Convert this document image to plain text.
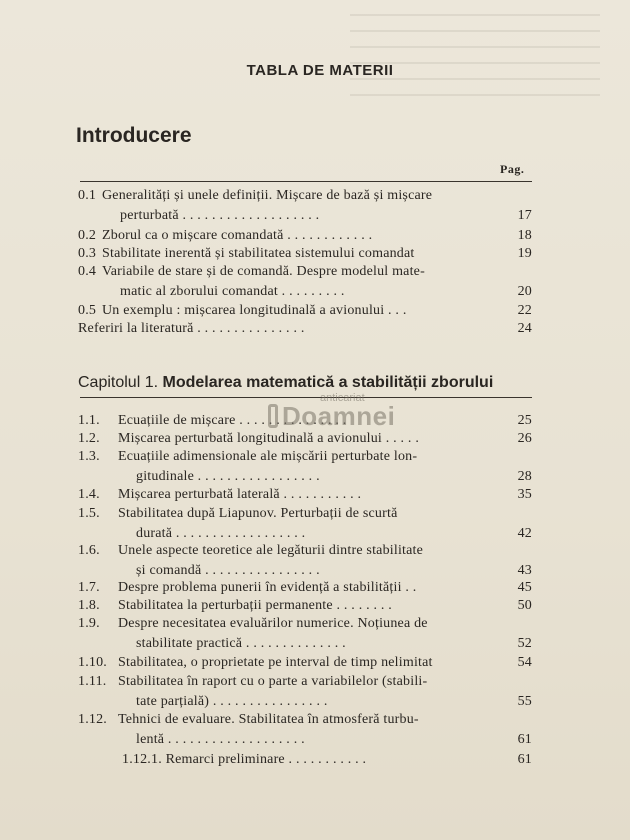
TABLA DE MATERII
Introducere
Pag.
0.1 Generalități și unele definiții. Mișcare de bază și mișcare
perturbată . . . . . . . . . . . . . . . . . . .	17
0.2 Zborul ca o mișcare comandată . . . . . . . . . . . .	18
0.3 Stabilitate inerentă și stabilitatea sistemului comandat	19
0.4 Variabile de stare și de comandă. Despre modelul mate-
matic al zborului comandat . . . . . . . . .	20
0.5 Un exemplu : mișcarea longitudinală a avionului . . .	22
Referiri la literatură . . . . . . . . . . . . . . .	24
Capitolul 1. Modelarea matematică a stabilității zborului
1.1. Ecuațiile de mișcare . . . . . . . . . . . . . . .	25
1.2. Mișcarea perturbată longitudinală a avionului . . . . .	26
1.3. Ecuațiile adimensionale ale mișcării perturbate lon-
gitudinale . . . . . . . . . . . . . . . . .	28
1.4. Mișcarea perturbată laterală . . . . . . . . . . .	35
1.5. Stabilitatea după Liapunov. Perturbații de scurtă
durată . . . . . . . . . . . . . . . . . .	42
1.6. Unele aspecte teoretice ale legăturii dintre stabilitate
și comandă . . . . . . . . . . . . . . . .	43
1.7. Despre problema punerii în evidență a stabilității . .	45
1.8. Stabilitatea la perturbații permanente . . . . . . . .	50
1.9. Despre necesitatea evaluărilor numerice. Noțiunea de
stabilitate practică . . . . . . . . . . . . . .	52
1.10. Stabilitatea, o proprietate pe interval de timp nelimitat	54
1.11. Stabilitatea în raport cu o parte a variabilelor (stabili-
tate parțială) . . . . . . . . . . . . . . . .	55
1.12. Tehnici de evaluare. Stabilitatea în atmosferă turbu-
lentă . . . . . . . . . . . . . . . . . . .	61
1.12.1. Remarci preliminare . . . . . . . . . . .	61
anticariat
Doamnei
